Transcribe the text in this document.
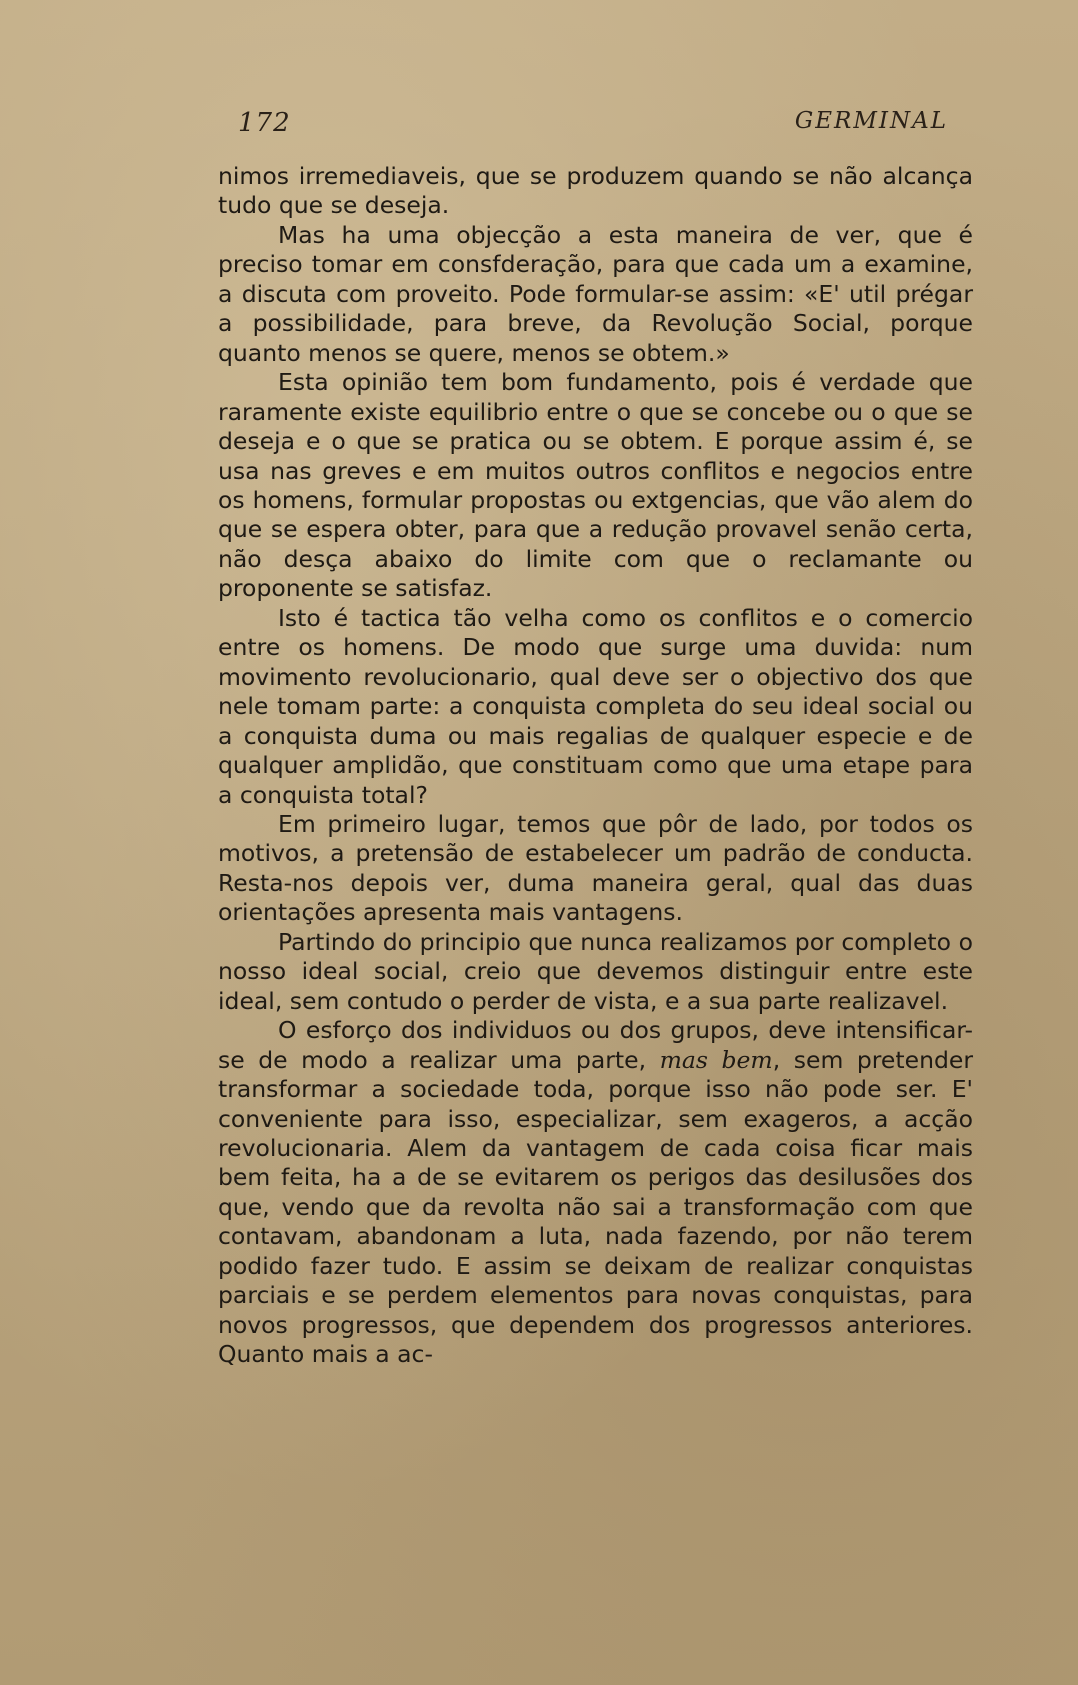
172	GERMINAL

nimos irremediaveis, que se produzem quando se não alcança tudo que se deseja.

Mas ha uma objecção a esta maneira de ver, que é preciso tomar em consfderação, para que cada um a examine, a discuta com proveito. Pode formular-se assim: «E' util prégar a possibilidade, para breve, da Revolução Social, porque quanto menos se quere, menos se obtem.»

Esta opinião tem bom fundamento, pois é verdade que raramente existe equilibrio entre o que se concebe ou o que se deseja e o que se pratica ou se obtem. E porque assim é, se usa nas greves e em muitos outros conflitos e negocios entre os homens, formular propostas ou extgencias, que vão alem do que se espera obter, para que a redução provavel senão certa, não desça abaixo do limite com que o reclamante ou proponente se satisfaz.

Isto é tactica tão velha como os conflitos e o comercio entre os homens. De modo que surge uma duvida: num movimento revolucionario, qual deve ser o objectivo dos que nele tomam parte: a conquista completa do seu ideal social ou a conquista duma ou mais regalias de qualquer especie e de qualquer amplidão, que constituam como que uma etape para a conquista total?

Em primeiro lugar, temos que pôr de lado, por todos os motivos, a pretensão de estabelecer um padrão de conducta. Resta-nos depois ver, duma maneira geral, qual das duas orientações apresenta mais vantagens.

Partindo do principio que nunca realizamos por completo o nosso ideal social, creio que devemos distinguir entre este ideal, sem contudo o perder de vista, e a sua parte realizavel.

O esforço dos individuos ou dos grupos, deve intensificar-se de modo a realizar uma parte, mas bem, sem pretender transformar a sociedade toda, porque isso não pode ser. E' conveniente para isso, especializar, sem exageros, a acção revolucionaria. Alem da vantagem de cada coisa ficar mais bem feita, ha a de se evitarem os perigos das desilusões dos que, vendo que da revolta não sai a transformação com que contavam, abandonam a luta, nada fazendo, por não terem podido fazer tudo. E assim se deixam de realizar conquistas parciais e se perdem elementos para novas conquistas, para novos progressos, que dependem dos progressos anteriores. Quanto mais a ac-
